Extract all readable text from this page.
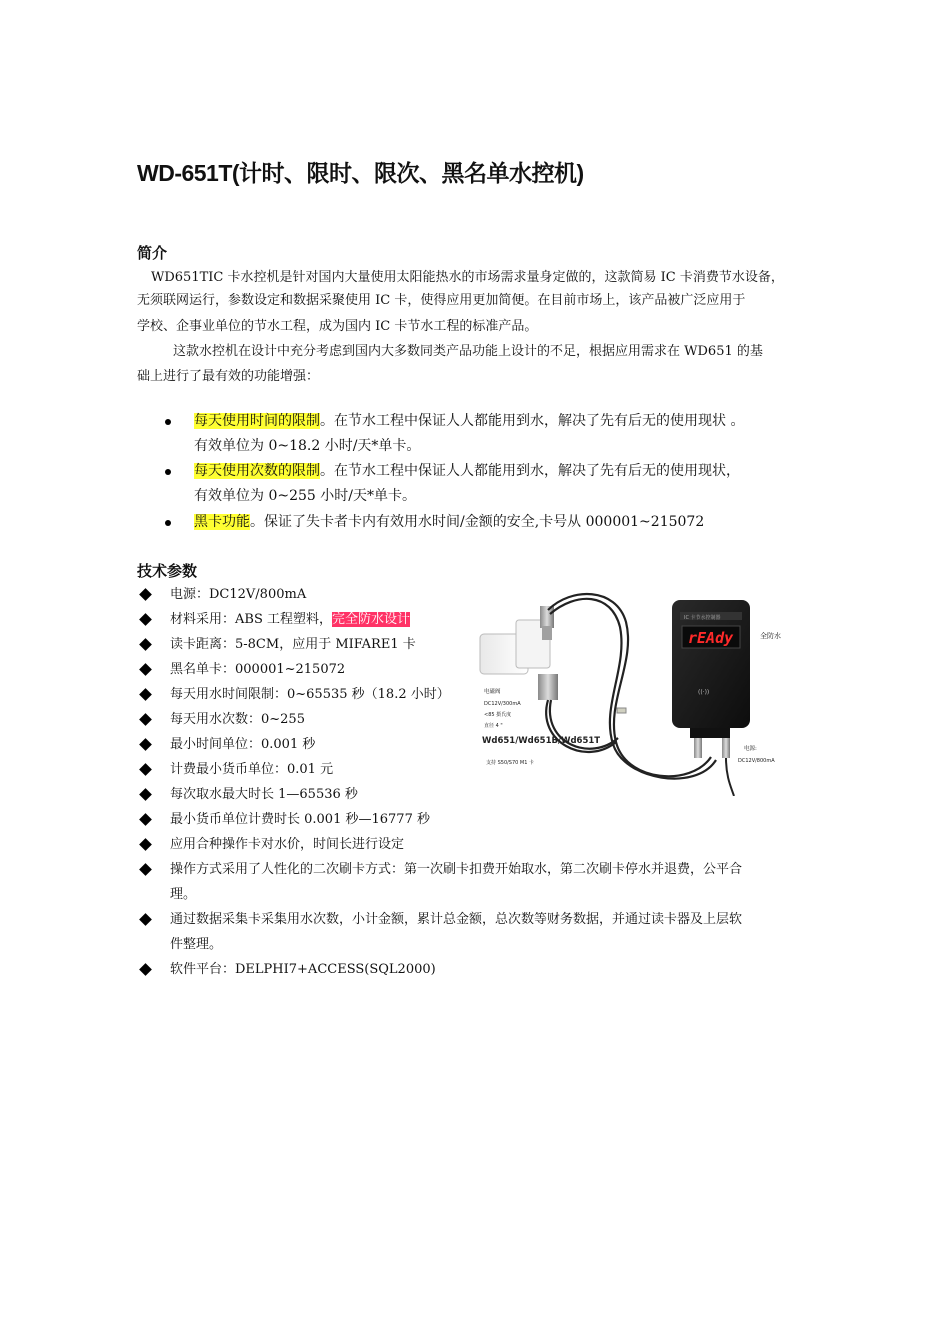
WD-651T(计时、限时、限次、黑名单水控机)
简介
WD651TIC 卡水控机是针对国内大量使用太阳能热水的市场需求量身定做的，这款简易 IC 卡消费节水设备，
无须联网运行，参数设定和数据采聚使用 IC 卡，使得应用更加简便。在目前市场上，该产品被广泛应用于
学校、企事业单位的节水工程，成为国内 IC 卡节水工程的标准产品。
这款水控机在设计中充分考虑到国内大多数同类产品功能上设计的不足，根据应用需求在 WD651 的基
础上进行了最有效的功能增强：
每天使用时间的限制。在节水工程中保证人人都能用到水，解决了先有后无的使用现状 。
有效单位为 0~18.2 小时/天*单卡。
每天使用次数的限制。在节水工程中保证人人都能用到水，解决了先有后无的使用现状，
有效单位为 0~255 小时/天*单卡。
黑卡功能。保证了失卡者卡内有效用水时间/金额的安全,卡号从 000001~215072
技术参数
电源：DC12V/800mA
材料采用：ABS 工程塑料，完全防水设计
读卡距离：5-8CM，应用于 MIFARE1 卡
黑名单卡：000001~215072
每天用水时间限制：0~65535 秒（18.2 小时）
每天用水次数：0~255
最小时间单位：0.001 秒
计费最小货币单位：0.01 元
每次取水最大时长 1—65536 秒
最小货币单位计费时长 0.001 秒—16777 秒
应用合种操作卡对水价，时间长进行设定
操作方式采用了人性化的二次刷卡方式：第一次刷卡扣费开始取水，第二次刷卡停水并退费，公平合
理。
通过数据采集卡采集用水次数，小计金额，累计总金额，总次数等财务数据，并通过读卡器及上层软
件整理。
软件平台：DELPHI7+ACCESS(SQL2000)
IC 卡节水控制器
rEAdy
((·))
全防水
电磁阀
DC12V/300mA
<85 摄氏度
直径 4 "
Wd651/Wd651B/Wd651T
支持 S50/S70 M1 卡
电源:
DC12V/800mA
